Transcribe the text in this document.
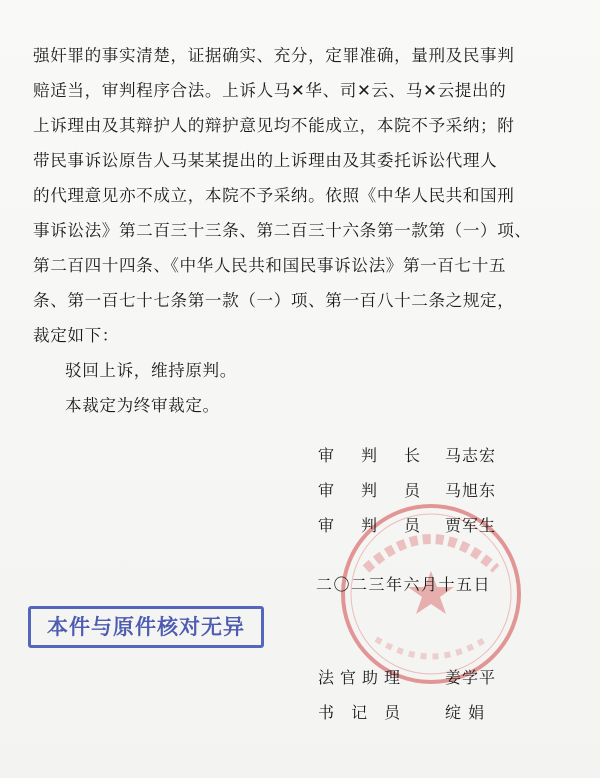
强奸罪的事实清楚，证据确实、充分，定罪准确，量刑及民事判
赔适当，审判程序合法。上诉人马✕华、司✕云、马✕云提出的
上诉理由及其辩护人的辩护意见均不能成立，本院不予采纳；附
带民事诉讼原告人马某某提出的上诉理由及其委托诉讼代理人
的代理意见亦不成立，本院不予采纳。依照《中华人民共和国刑
事诉讼法》第二百三十三条、第二百三十六条第一款第（一）项、
第二百四十四条、《中华人民共和国民事诉讼法》第一百七十五
条、第一百七十七条第一款（一）项、第一百八十二条之规定，
裁定如下：
驳回上诉，维持原判。
本裁定为终审裁定。
审 判 长	马志宏
审 判 员	马旭东
审 判 员	贾军生
二〇二三年六月十五日
本件与原件核对无异
法官助理 姜学平
书 记 员 绽 娟
